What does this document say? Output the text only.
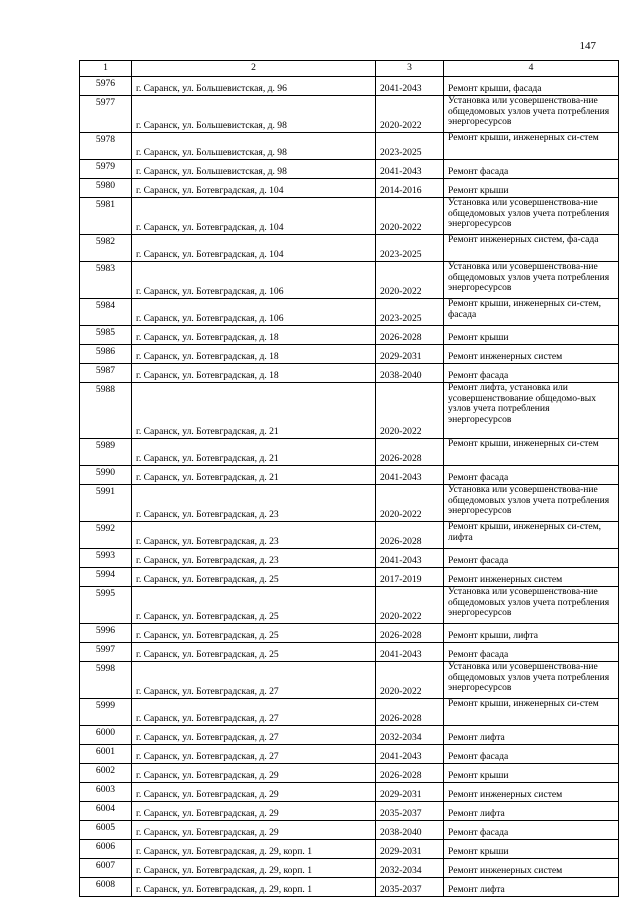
147
1	2	3	4
5976	г. Саранск, ул. Большевистская, д. 96	2041-2043	Ремонт крыши, фасада
5977	г. Саранск, ул. Большевистская, д. 98	2020-2022	Установка или усовершенствова-ние общедомовых узлов учета потребления энергоресурсов
5978	г. Саранск, ул. Большевистская, д. 98	2023-2025	Ремонт крыши, инженерных си-стем
5979	г. Саранск, ул. Большевистская, д. 98	2041-2043	Ремонт фасада
5980	г. Саранск, ул. Ботевградская, д. 104	2014-2016	Ремонт крыши
5981	г. Саранск, ул. Ботевградская, д. 104	2020-2022	Установка или усовершенствова-ние общедомовых узлов учета потребления энергоресурсов
5982	г. Саранск, ул. Ботевградская, д. 104	2023-2025	Ремонт инженерных систем, фа-сада
5983	г. Саранск, ул. Ботевградская, д. 106	2020-2022	Установка или усовершенствова-ние общедомовых узлов учета потребления энергоресурсов
5984	г. Саранск, ул. Ботевградская, д. 106	2023-2025	Ремонт крыши, инженерных си-стем, фасада
5985	г. Саранск, ул. Ботевградская, д. 18	2026-2028	Ремонт крыши
5986	г. Саранск, ул. Ботевградская, д. 18	2029-2031	Ремонт инженерных систем
5987	г. Саранск, ул. Ботевградская, д. 18	2038-2040	Ремонт фасада
5988	г. Саранск, ул. Ботевградская, д. 21	2020-2022	Ремонт лифта, установка или усовершенствование общедомо-вых узлов учета потребления энергоресурсов
5989	г. Саранск, ул. Ботевградская, д. 21	2026-2028	Ремонт крыши, инженерных си-стем
5990	г. Саранск, ул. Ботевградская, д. 21	2041-2043	Ремонт фасада
5991	г. Саранск, ул. Ботевградская, д. 23	2020-2022	Установка или усовершенствова-ние общедомовых узлов учета потребления энергоресурсов
5992	г. Саранск, ул. Ботевградская, д. 23	2026-2028	Ремонт крыши, инженерных си-стем, лифта
5993	г. Саранск, ул. Ботевградская, д. 23	2041-2043	Ремонт фасада
5994	г. Саранск, ул. Ботевградская, д. 25	2017-2019	Ремонт инженерных систем
5995	г. Саранск, ул. Ботевградская, д. 25	2020-2022	Установка или усовершенствова-ние общедомовых узлов учета потребления энергоресурсов
5996	г. Саранск, ул. Ботевградская, д. 25	2026-2028	Ремонт крыши, лифта
5997	г. Саранск, ул. Ботевградская, д. 25	2041-2043	Ремонт фасада
5998	г. Саранск, ул. Ботевградская, д. 27	2020-2022	Установка или усовершенствова-ние общедомовых узлов учета потребления энергоресурсов
5999	г. Саранск, ул. Ботевградская, д. 27	2026-2028	Ремонт крыши, инженерных си-стем
6000	г. Саранск, ул. Ботевградская, д. 27	2032-2034	Ремонт лифта
6001	г. Саранск, ул. Ботевградская, д. 27	2041-2043	Ремонт фасада
6002	г. Саранск, ул. Ботевградская, д. 29	2026-2028	Ремонт крыши
6003	г. Саранск, ул. Ботевградская, д. 29	2029-2031	Ремонт инженерных систем
6004	г. Саранск, ул. Ботевградская, д. 29	2035-2037	Ремонт лифта
6005	г. Саранск, ул. Ботевградская, д. 29	2038-2040	Ремонт фасада
6006	г. Саранск, ул. Ботевградская, д. 29, корп. 1	2029-2031	Ремонт крыши
6007	г. Саранск, ул. Ботевградская, д. 29, корп. 1	2032-2034	Ремонт инженерных систем
6008	г. Саранск, ул. Ботевградская, д. 29, корп. 1	2035-2037	Ремонт лифта
